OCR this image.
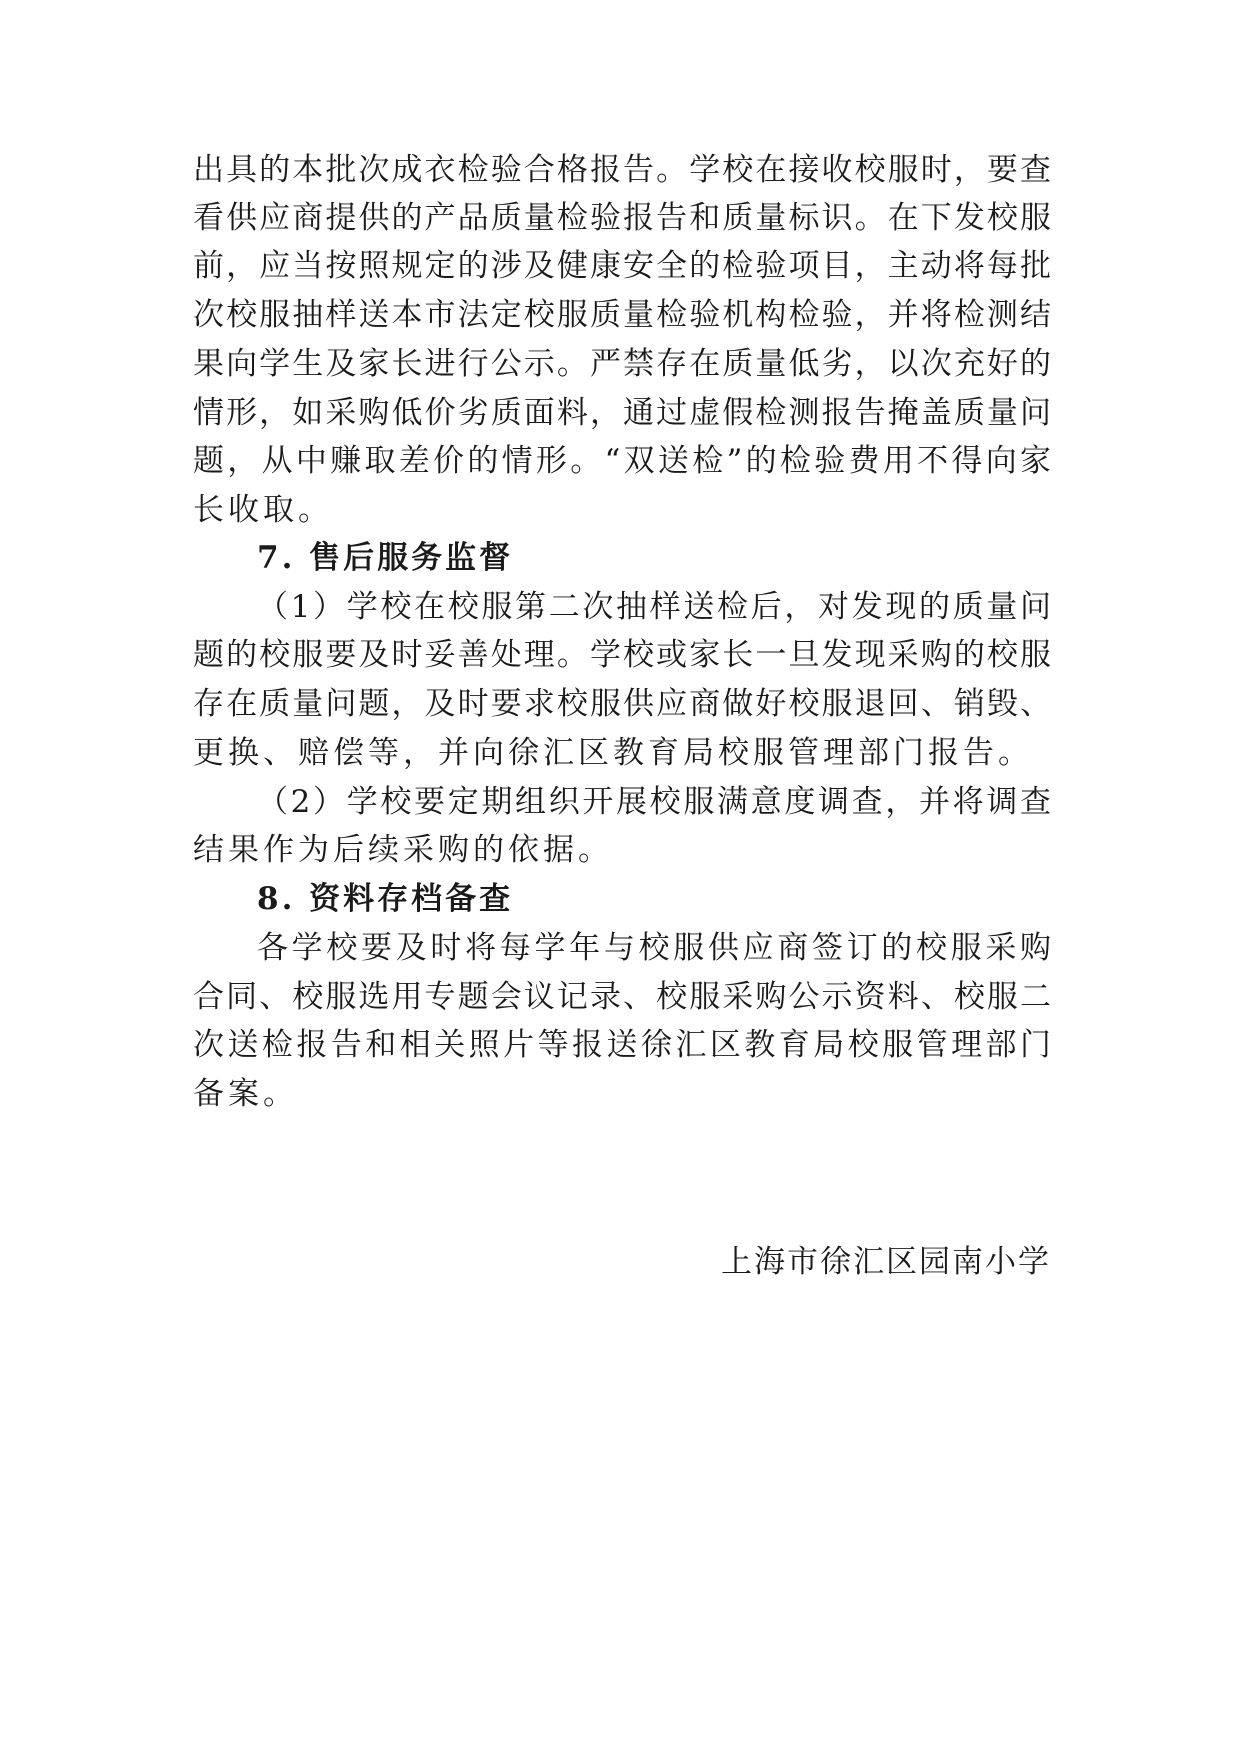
出具的本批次成衣检验合格报告。学校在接收校服时，要查
看供应商提供的产品质量检验报告和质量标识。在下发校服
前，应当按照规定的涉及健康安全的检验项目，主动将每批
次校服抽样送本市法定校服质量检验机构检验，并将检测结
果向学生及家长进行公示。严禁存在质量低劣，以次充好的
情形，如采购低价劣质面料，通过虚假检测报告掩盖质量问
题，从中赚取差价的情形。“双送检”的检验费用不得向家
长收取。
7. 售后服务监督
（1）学校在校服第二次抽样送检后，对发现的质量问
题的校服要及时妥善处理。学校或家长一旦发现采购的校服
存在质量问题，及时要求校服供应商做好校服退回、销毁、
更换、赔偿等，并向徐汇区教育局校服管理部门报告。
（2）学校要定期组织开展校服满意度调查，并将调查
结果作为后续采购的依据。
8. 资料存档备查
各学校要及时将每学年与校服供应商签订的校服采购
合同、校服选用专题会议记录、校服采购公示资料、校服二
次送检报告和相关照片等报送徐汇区教育局校服管理部门
备案。
上海市徐汇区园南小学
